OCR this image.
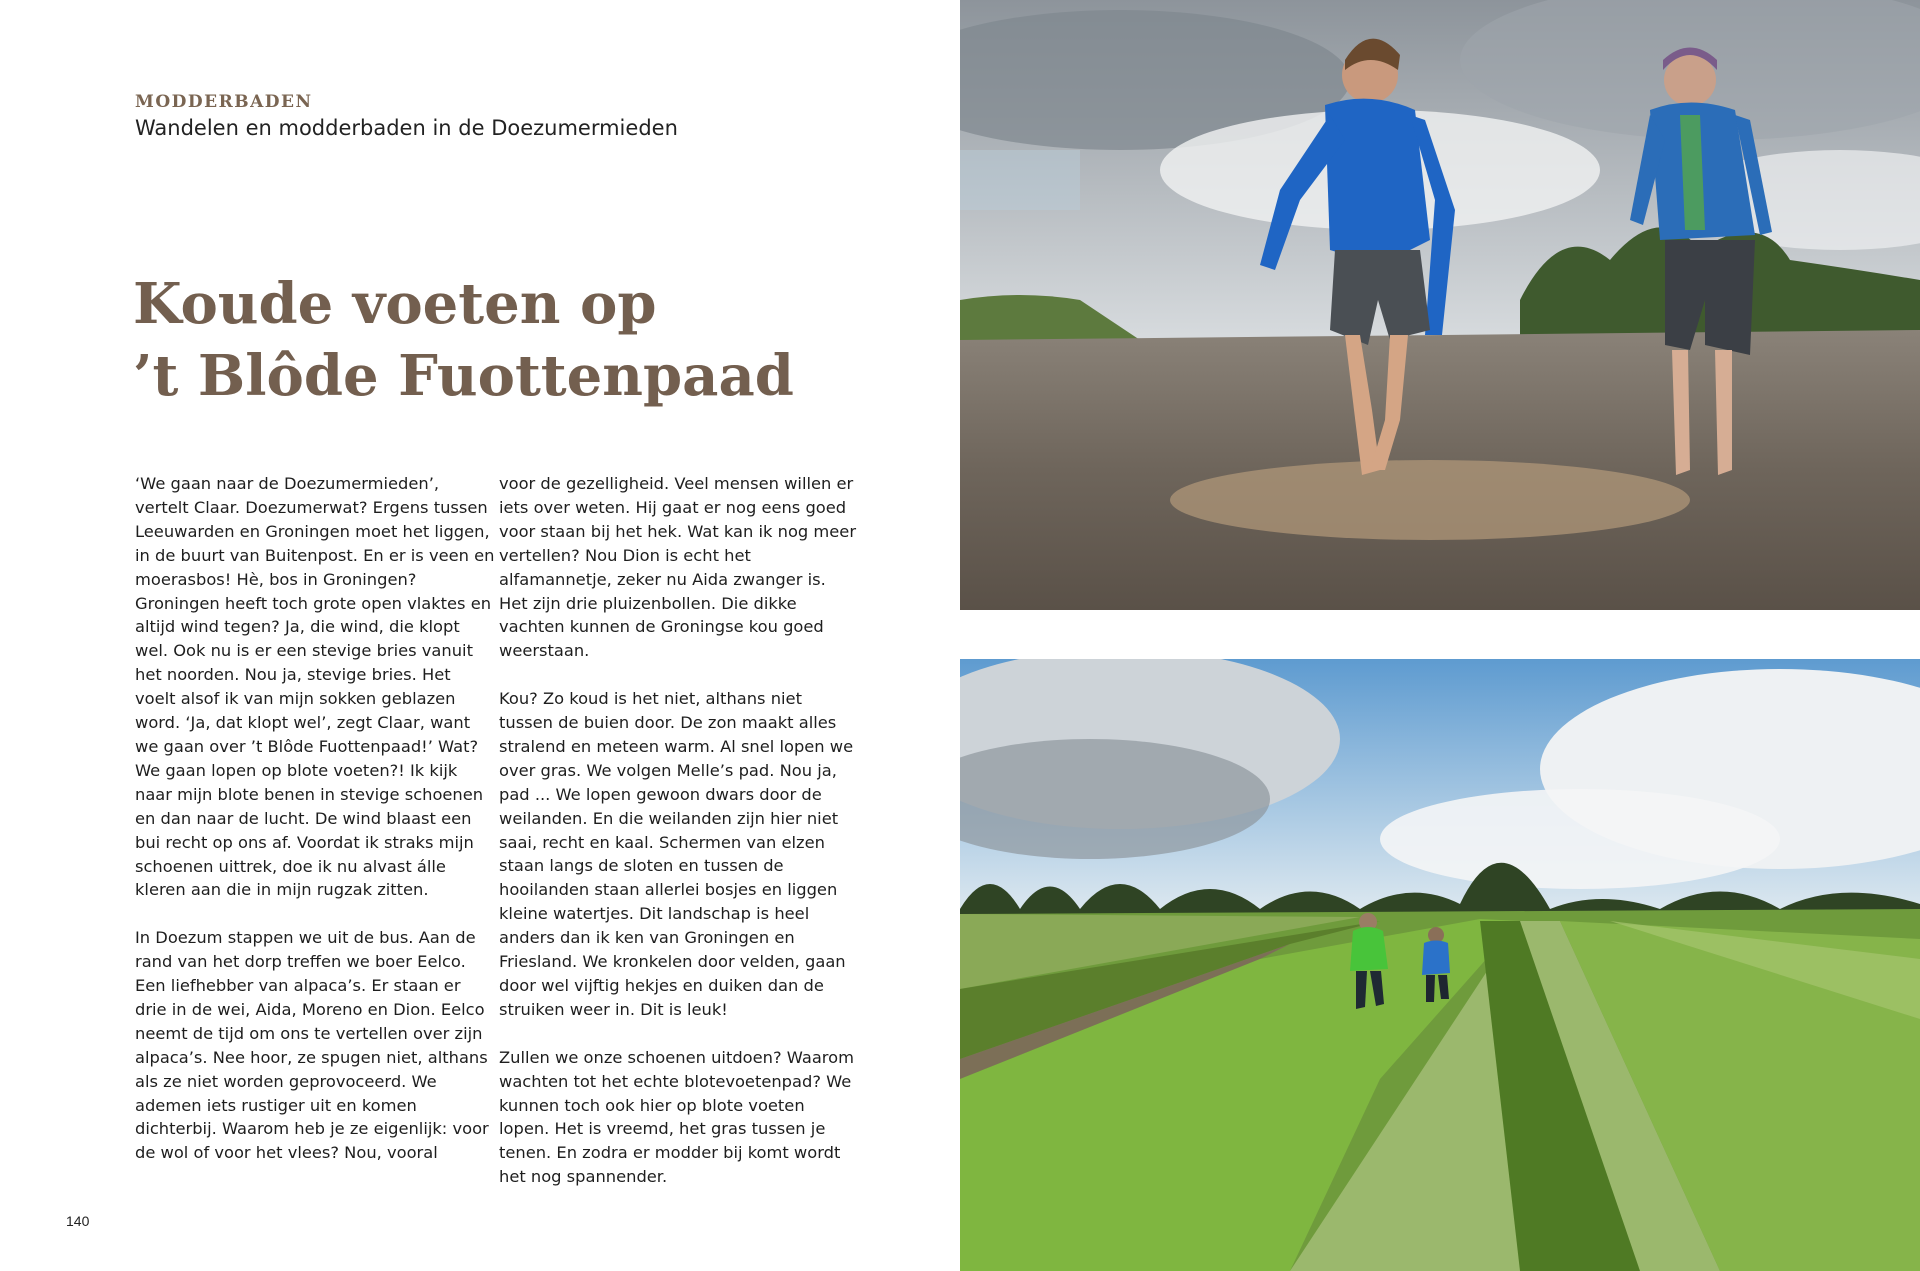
MODDERBADEN
Wandelen en modderbaden in de Doezumermieden
Koude voeten op
’t Blôde Fuottenpaad

‘We gaan naar de Doezumermieden’, vertelt Claar. Doezumerwat? Ergens tussen Leeuwarden en Groningen moet het liggen, in de buurt van Buitenpost. En er is veen en moerasbos! Hè, bos in Groningen? Groningen heeft toch grote open vlaktes en altijd wind tegen? Ja, die wind, die klopt wel. Ook nu is er een stevige bries vanuit het noorden. Nou ja, stevige bries. Het voelt alsof ik van mijn sokken geblazen word. ‘Ja, dat klopt wel’, zegt Claar, want we gaan over ’t Blôde Fuottenpaad!’ Wat? We gaan lopen op blote voeten?! Ik kijk naar mijn blote benen in stevige schoenen en dan naar de lucht. De wind blaast een bui recht op ons af. Voordat ik straks mijn schoenen uittrek, doe ik nu alvast álle kleren aan die in mijn rugzak zitten.

In Doezum stappen we uit de bus. Aan de rand van het dorp treffen we boer Eelco. Een liefhebber van alpaca’s. Er staan er drie in de wei, Aida, Moreno en Dion. Eelco neemt de tijd om ons te vertellen over zijn alpaca’s. Nee hoor, ze spugen niet, althans als ze niet worden geprovoceerd. We ademen iets rustiger uit en komen dichterbij. Waarom heb je ze eigenlijk: voor de wol of voor het vlees? Nou, vooral

voor de gezelligheid. Veel mensen willen er iets over weten. Hij gaat er nog eens goed voor staan bij het hek. Wat kan ik nog meer vertellen? Nou Dion is echt het alfamannetje, zeker nu Aida zwanger is. Het zijn drie pluizenbollen. Die dikke vachten kunnen de Groningse kou goed weerstaan.

Kou? Zo koud is het niet, althans niet tussen de buien door. De zon maakt alles stralend en meteen warm. Al snel lopen we over gras. We volgen Melle’s pad. Nou ja, pad ... We lopen gewoon dwars door de weilanden. En die weilanden zijn hier niet saai, recht en kaal. Schermen van elzen staan langs de sloten en tussen de hooilanden staan allerlei bosjes en liggen kleine watertjes. Dit landschap is heel anders dan ik ken van Groningen en Friesland. We kronkelen door velden, gaan door wel vijftig hekjes en duiken dan de struiken weer in. Dit is leuk!

Zullen we onze schoenen uitdoen? Waarom wachten tot het echte blotevoetenpad? We kunnen toch ook hier op blote voeten lopen. Het is vreemd, het gras tussen je tenen. En zodra er modder bij komt wordt het nog spannender.

140
